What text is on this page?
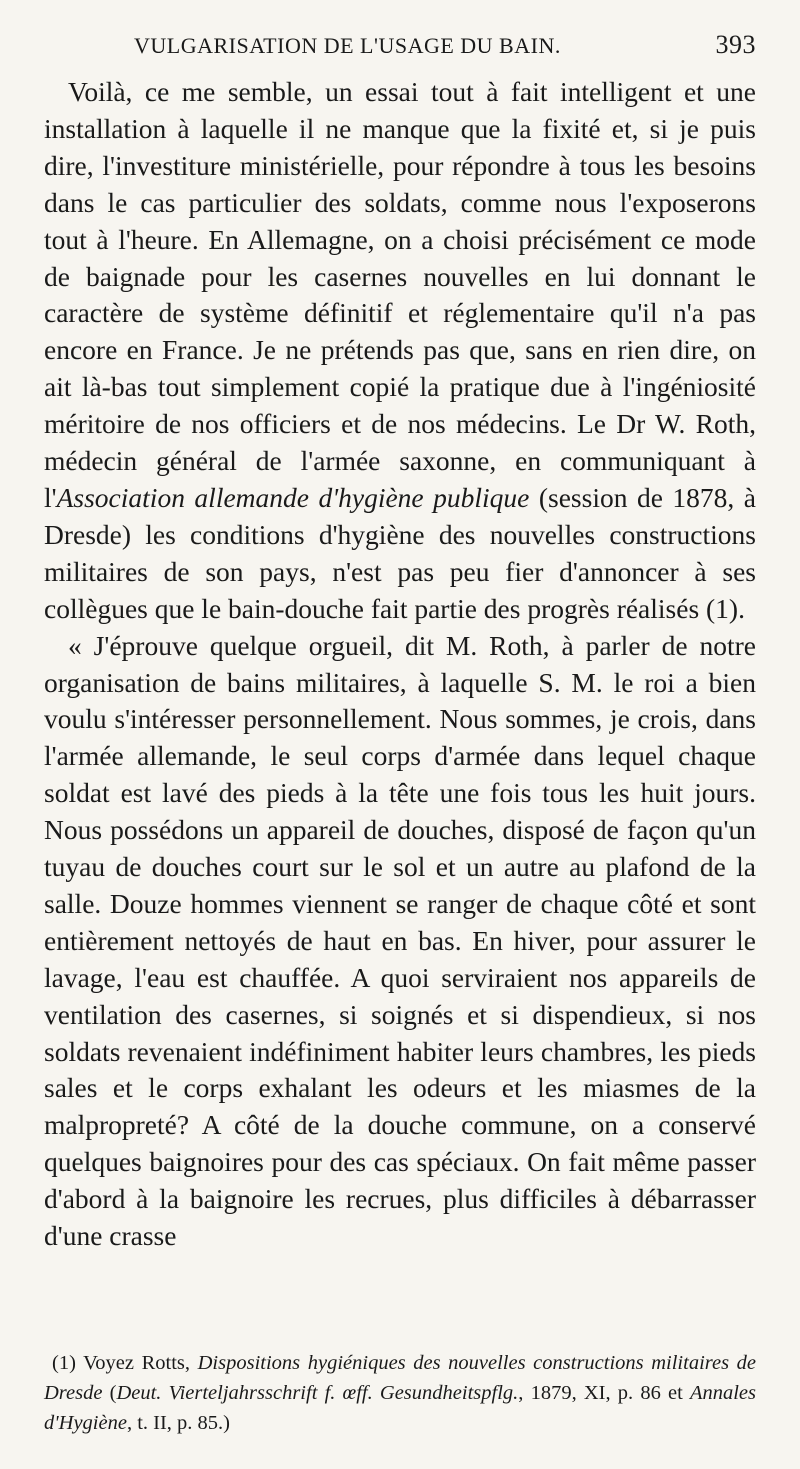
VULGARISATION DE L'USAGE DU BAIN.	393

Voilà, ce me semble, un essai tout à fait intelligent et une installation à laquelle il ne manque que la fixité et, si je puis dire, l'investiture ministérielle, pour répondre à tous les besoins dans le cas particulier des soldats, comme nous l'exposerons tout à l'heure. En Allemagne, on a choisi précisément ce mode de baignade pour les casernes nouvelles en lui donnant le caractère de système définitif et réglementaire qu'il n'a pas encore en France. Je ne prétends pas que, sans en rien dire, on ait là-bas tout simplement copié la pratique due à l'ingéniosité méritoire de nos officiers et de nos médecins. Le Dr W. Roth, médecin général de l'armée saxonne, en communiquant à l'Association allemande d'hygiène publique (session de 1878, à Dresde) les conditions d'hygiène des nouvelles constructions militaires de son pays, n'est pas peu fier d'annoncer à ses collègues que le bain-douche fait partie des progrès réalisés (1).

« J'éprouve quelque orgueil, dit M. Roth, à parler de notre organisation de bains militaires, à laquelle S. M. le roi a bien voulu s'intéresser personnellement. Nous sommes, je crois, dans l'armée allemande, le seul corps d'armée dans lequel chaque soldat est lavé des pieds à la tête une fois tous les huit jours. Nous possédons un appareil de douches, disposé de façon qu'un tuyau de douches court sur le sol et un autre au plafond de la salle. Douze hommes viennent se ranger de chaque côté et sont entièrement nettoyés de haut en bas. En hiver, pour assurer le lavage, l'eau est chauffée. A quoi serviraient nos appareils de ventilation des casernes, si soignés et si dispendieux, si nos soldats revenaient indéfiniment habiter leurs chambres, les pieds sales et le corps exhalant les odeurs et les miasmes de la malpropreté? A côté de la douche commune, on a conservé quelques baignoires pour des cas spéciaux. On fait même passer d'abord à la baignoire les recrues, plus difficiles à débarrasser d'une crasse

(1) Voyez Rotts, Dispositions hygiéniques des nouvelles constructions militaires de Dresde (Deut. Vierteljahrsschrift f. œff. Gesundheitspflg., 1879, XI, p. 86 et Annales d'Hygiène, t. II, p. 85.)
